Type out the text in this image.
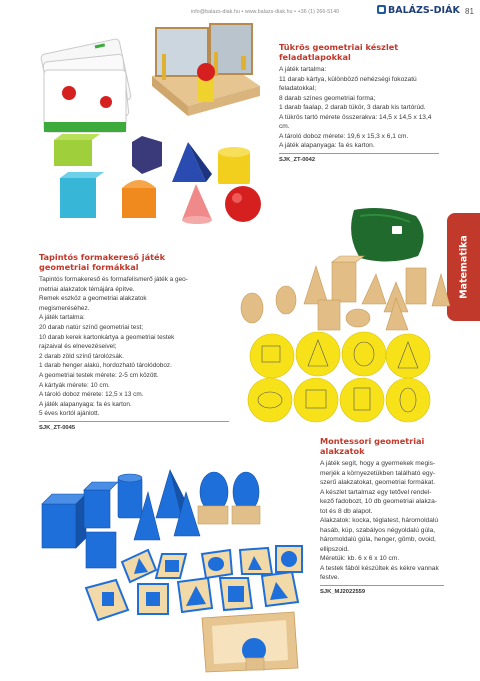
info@balazs-diak.hu • www.balazs-diak.hu • +36 (1) 266-5140	BALÁZS-DIÁK 81
Matematika
Tükrös geometriai készlet feladatlapokkal
A játék tartalma:
11 darab kártya, különböző nehézségi fokozatú
feladatokkal;
8 darab színes geometriai forma;
1 darab faalap, 2 darab tükör, 3 darab kis tartórúd.
A tükrös tartó mérete összerakva: 14,5 x 14,5 x 13,4
cm.
A tároló doboz mérete: 19,6 x 15,3 x 6,1 cm.
A játék alapanyaga: fa és karton.
SJK_ZT-0042
Tapintós formakereső játék geometriai formákkal
Tapintós formakereső és formafelismerő játék a geo-
metriai alakzatok témájára építve.
Remek eszköz a geometriai alakzatok
megismeréséhez.
A játék tartalma:
20 darab natúr színű geometriai test;
10 darab kerek kartonkártya a geometriai testek
rajzaival és elnevezéseivel;
2 darab zöld színű tárolózsák.
1 darab henger alakú, hordozható tárolódoboz.
A geometriai testek mérete: 2-5 cm között.
A kártyák mérete: 10 cm.
A tároló doboz mérete: 12,5 x 13 cm.
A játék alapanyaga: fa és karton.
5 éves kortól ajánlott.
SJK_ZT-0045
Montessori geometriai alakzatok
A játék segít, hogy a gyermekek megis-
merjék a környezetükben található egy-
szerű alakzatokat, geometriai formákat.
A készlet tartalmaz egy tetővel rendel-
kező fadobozt, 10 db geometriai alakza-
tot és 8 db alapot.
Alakzatok: kocka, téglatest, háromoldalú
hasáb, kúp, szabályos négyoldalú gúla,
háromoldalú gúla, henger, gömb, ovoid,
ellipszoid.
Méretük: kb. 6 x 6 x 10 cm.
A testek fából készültek és kékre vannak
festve.
SJK_MJ2022559
